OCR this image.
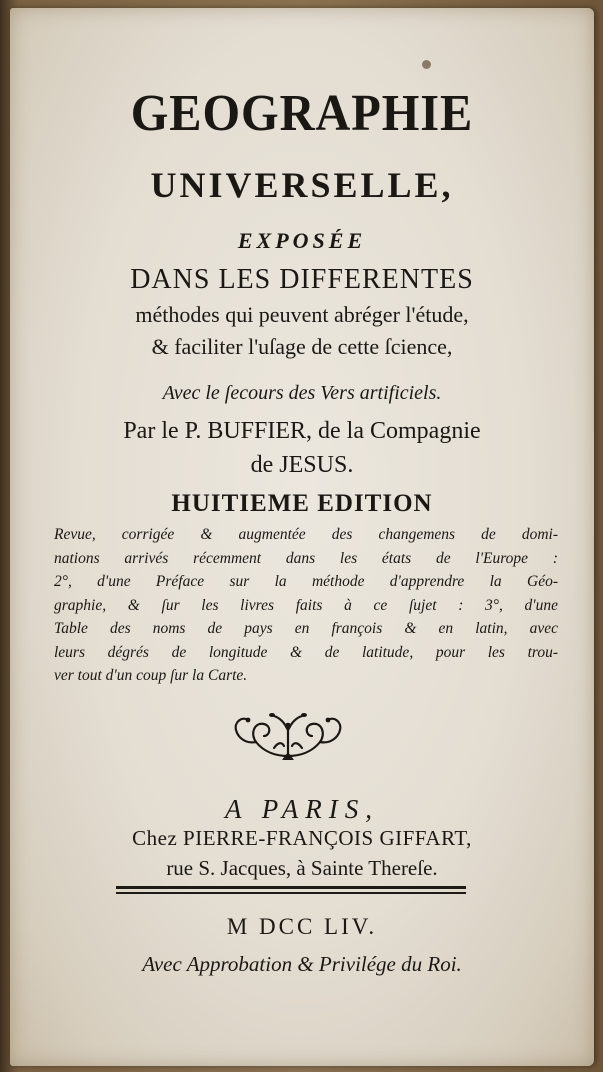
GEOGRAPHIE
UNIVERSELLE,
EXPOSÉE
DANS LES DIFFERENTES
méthodes qui peuvent abréger l'étude,
& faciliter l'uſage de cette ſcience,
Avec le ſecours des Vers artificiels.
Par le P. BUFFIER, de la Compagnie
de JESUS.
HUITIEME EDITION
Revue, corrigée & augmentée des changemens de domi-
nations arrivés récemment dans les états de l'Europe :
2°, d'une Préface sur la méthode d'apprendre la Géo-
graphie, & ſur les livres faits à ce ſujet : 3°, d'une
Table des noms de pays en françois & en latin, avec
leurs dégrés de longitude & de latitude, pour les trou-
ver tout d'un coup ſur la Carte.
A PARIS,
Chez PIERRE-FRANÇOIS GIFFART,
rue S. Jacques, à Sainte Thereſe.
M DCC LIV.
Avec Approbation & Privilége du Roi.
